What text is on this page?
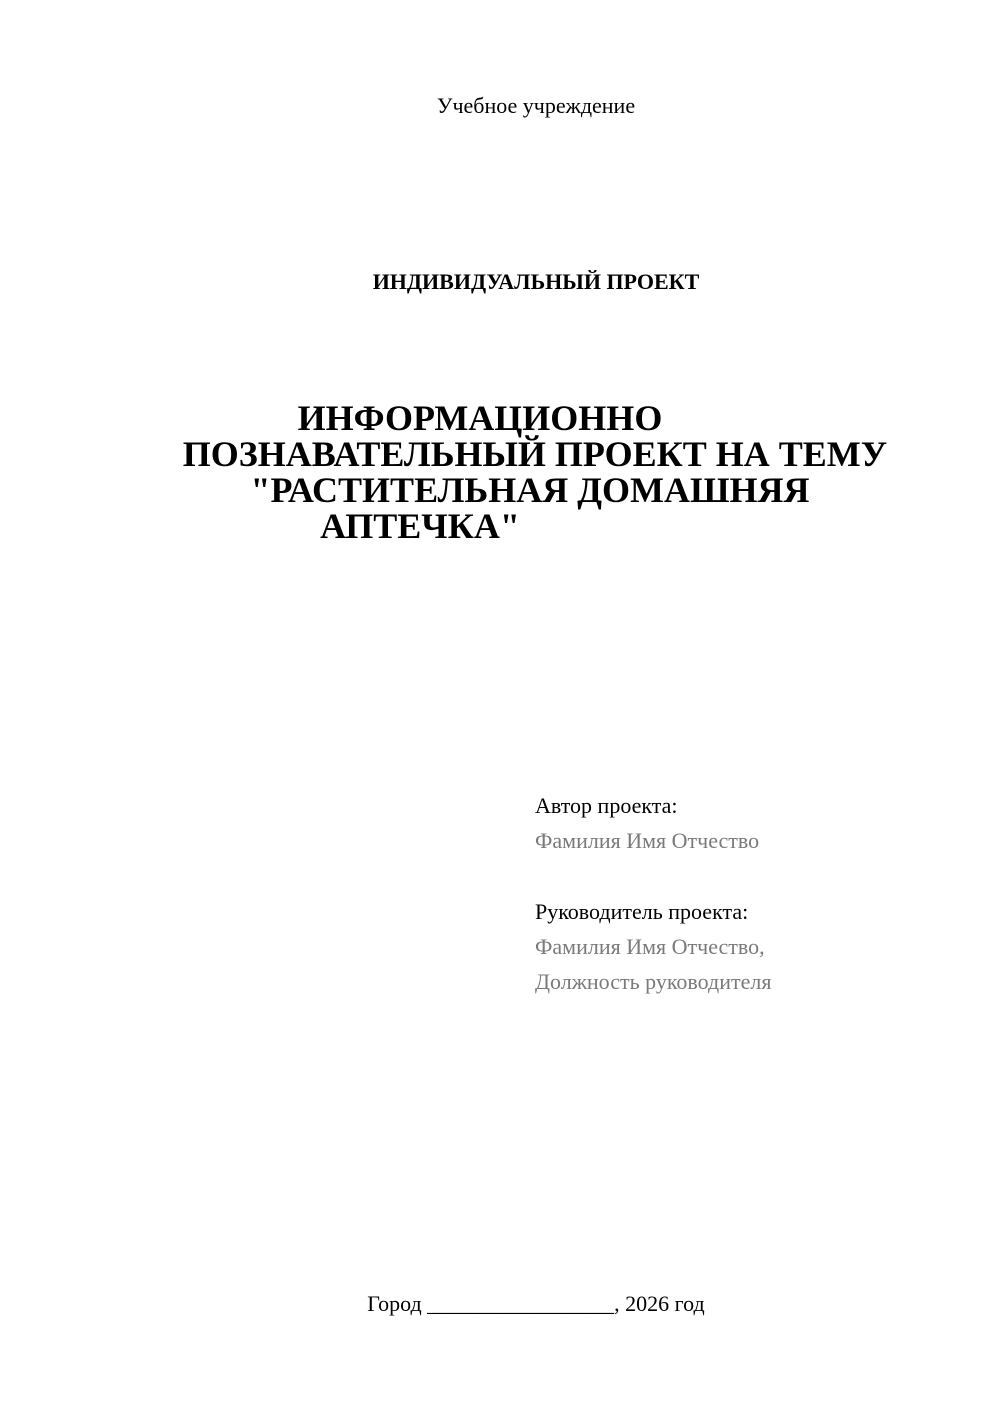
Учебное учреждение
ИНДИВИДУАЛЬНЫЙ ПРОЕКТ
ИНФОРМАЦИОННО
ПОЗНАВАТЕЛЬНЫЙ ПРОЕКТ НА ТЕМУ
"РАСТИТЕЛЬНАЯ ДОМАШНЯЯ
АПТЕЧКА"
Автор проекта:
Фамилия Имя Отчество
Руководитель проекта:
Фамилия Имя Отчество,
Должность руководителя
Город _________________, 2026 год
